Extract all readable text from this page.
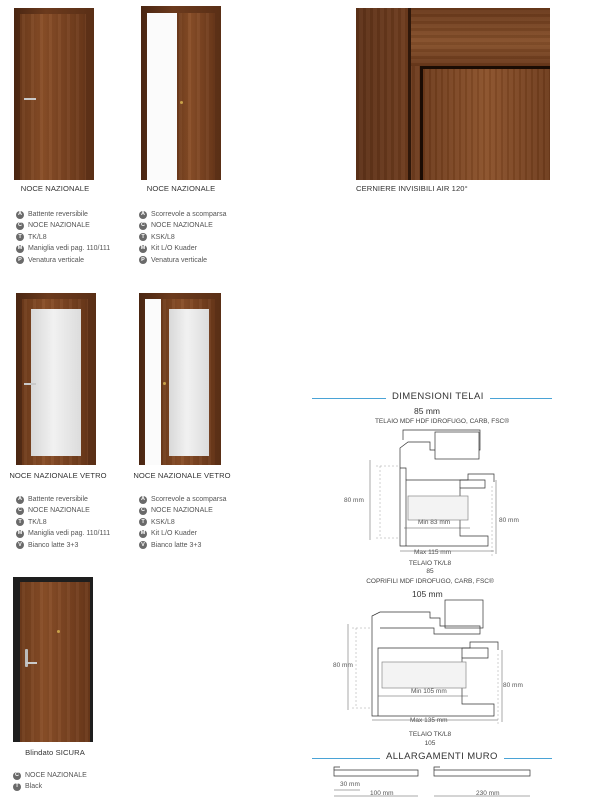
NOCE NAZIONALE
A Battente reversibile
C NOCE NAZIONALE
T TK/L8
M Maniglia vedi pag. 110/111
P Venatura verticale
NOCE NAZIONALE
A Scorrevole a scomparsa
C NOCE NAZIONALE
T KSK/L8
M Kit L/O Kuader
P Venatura verticale
CERNIERE INVISIBILI AIR 120°
NOCE NAZIONALE VETRO
A Battente reversibile
C NOCE NAZIONALE
T TK/L8
M Maniglia vedi pag. 110/111
V Bianco latte 3+3
NOCE NAZIONALE VETRO
A Scorrevole a scomparsa
C NOCE NAZIONALE
T KSK/L8
M Kit L/O Kuader
V Bianco latte 3+3
Blindato SICURA
C NOCE NAZIONALE
T Black
DIMENSIONI TELAI
85 mm
TELAIO MDF HDF IDROFUGO, CARB, FSC®
80 mm
80 mm
Min 83 mm
Max 115 mm
TELAIO TK/L8
85
COPRIFILI MDF IDROFUGO, CARB, FSC®
105 mm
80 mm
80 mm
Min 105 mm
Max 135 mm
TELAIO TK/L8
105
ALLARGAMENTI MURO
30 mm
100 mm	230 mm
